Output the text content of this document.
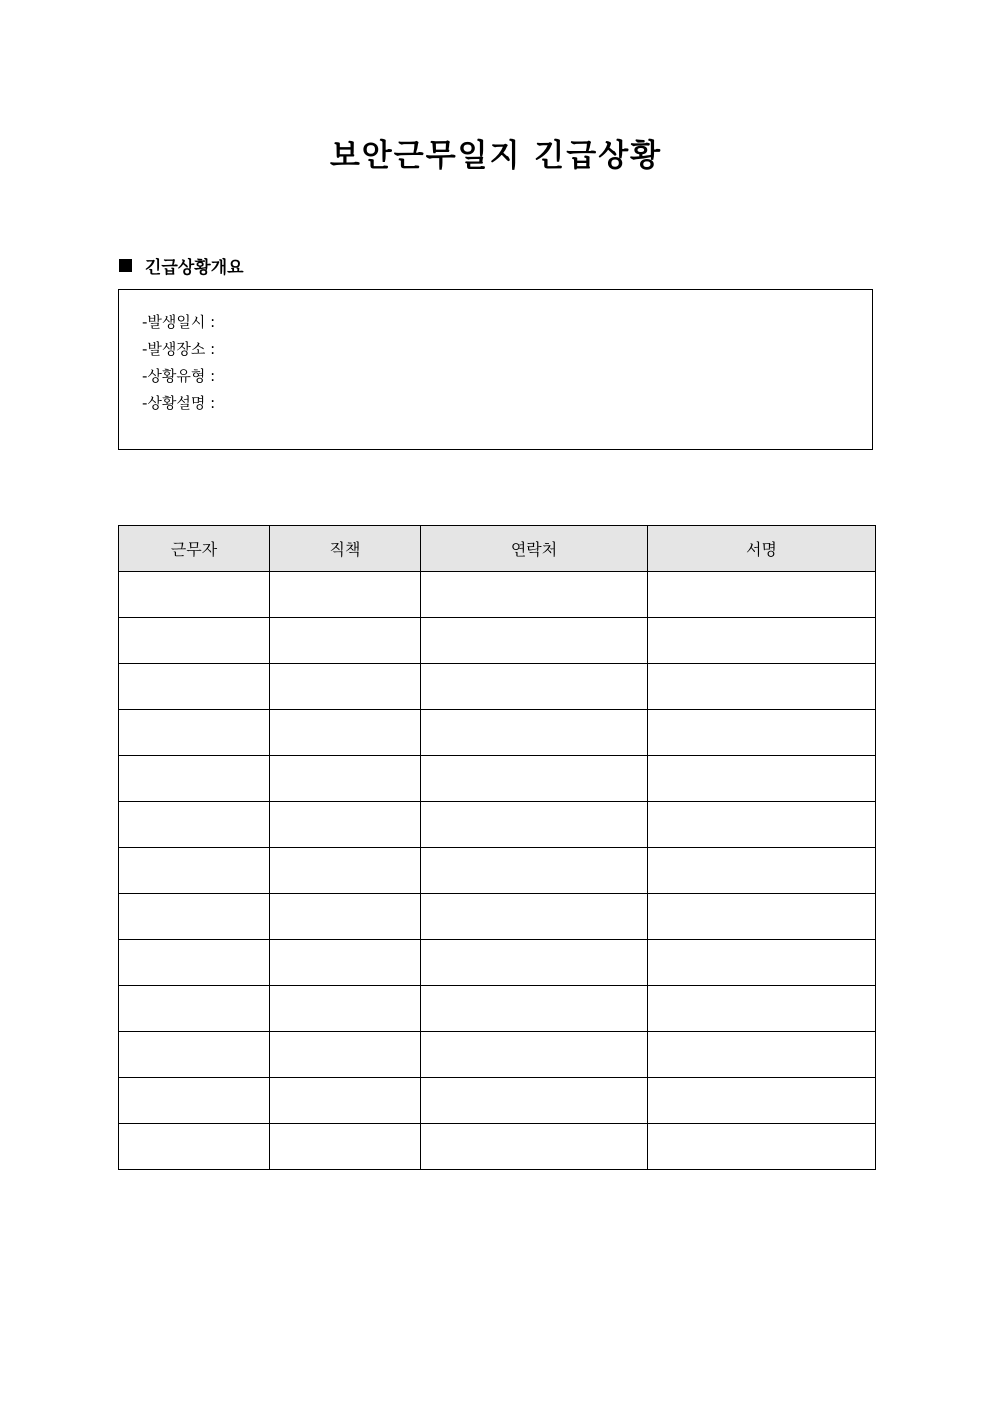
보안근무일지 긴급상황
긴급상황개요
-발생일시 :
-발생장소 :
-상황유형 :
-상황설명 :
근무자	직책	연락처	서명
